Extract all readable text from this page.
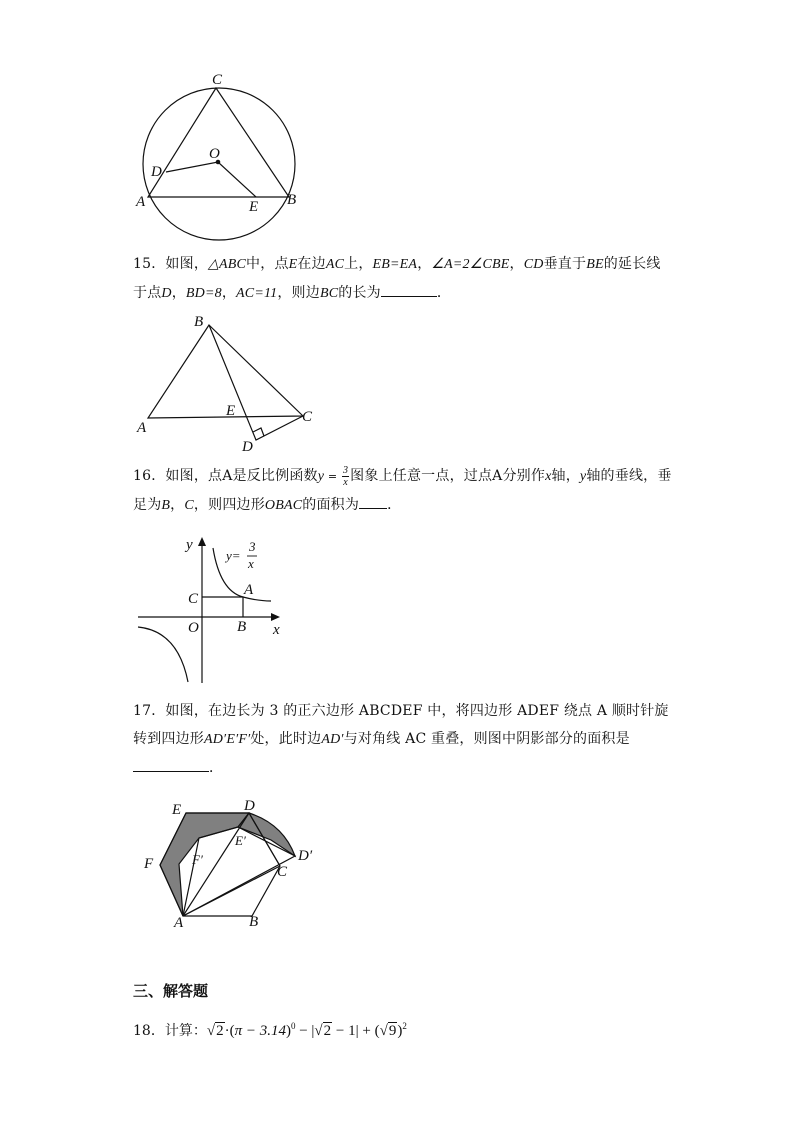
C
O
D
A	B
E
15．如图，△ABC中，点E在边AC上，EB=EA，∠A=2∠CBE，CD垂直于BE的延长线于点D，BD=8，AC=11，则边BC的长为	．
B
E	C
A
D
16．如图，点A是反比例函数$y = \frac{3}{x}$ 图象上任意一点，过点A分别作x轴，y轴的垂线，垂足为B，C，则四边形OBAC的面积为 ．
y
y=
3
x
C
A
O	B x
17．如图，在边长为 3 的正六边形 ABCDEF 中，将四边形 ADEF 绕点 A 顺时针旋转到四边形AD′E′F′处，此时边AD′与对角线 AC 重叠，则图中阴影部分的面积是
．
E	D
F
E′
F′	D′
C
A	B
三、解答题
18．计算：$√2\cdot(\pi - 3.14)^0 - |√2 - 1| + (√9)^2$
